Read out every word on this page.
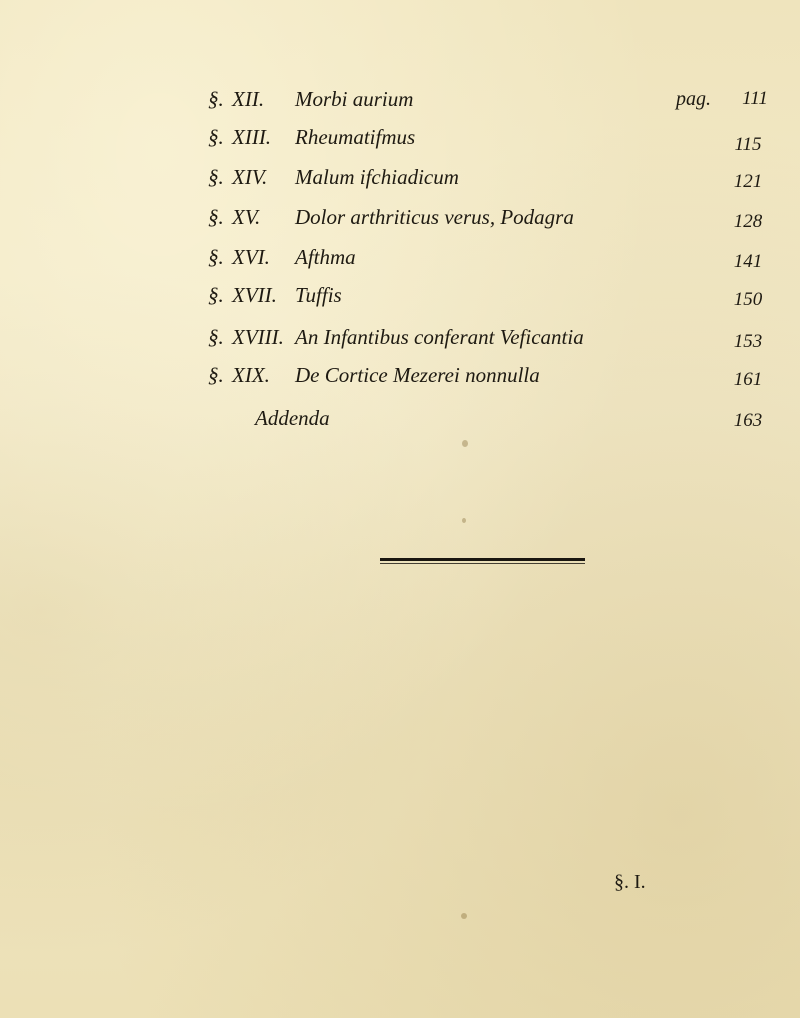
pag.
§. XII. Morbi aurium	111
§. XIII. Rheumatifmus	115
§. XIV. Malum ifchiadicum	121
§. XV. Dolor arthriticus verus, Podagra	128
§. XVI. Afthma	141
§. XVII. Tuffis	150
§. XVIII. An Infantibus conferant Veficantia	153
§. XIX. De Cortice Mezerei nonnulla	161
Addenda	163
§. I.
